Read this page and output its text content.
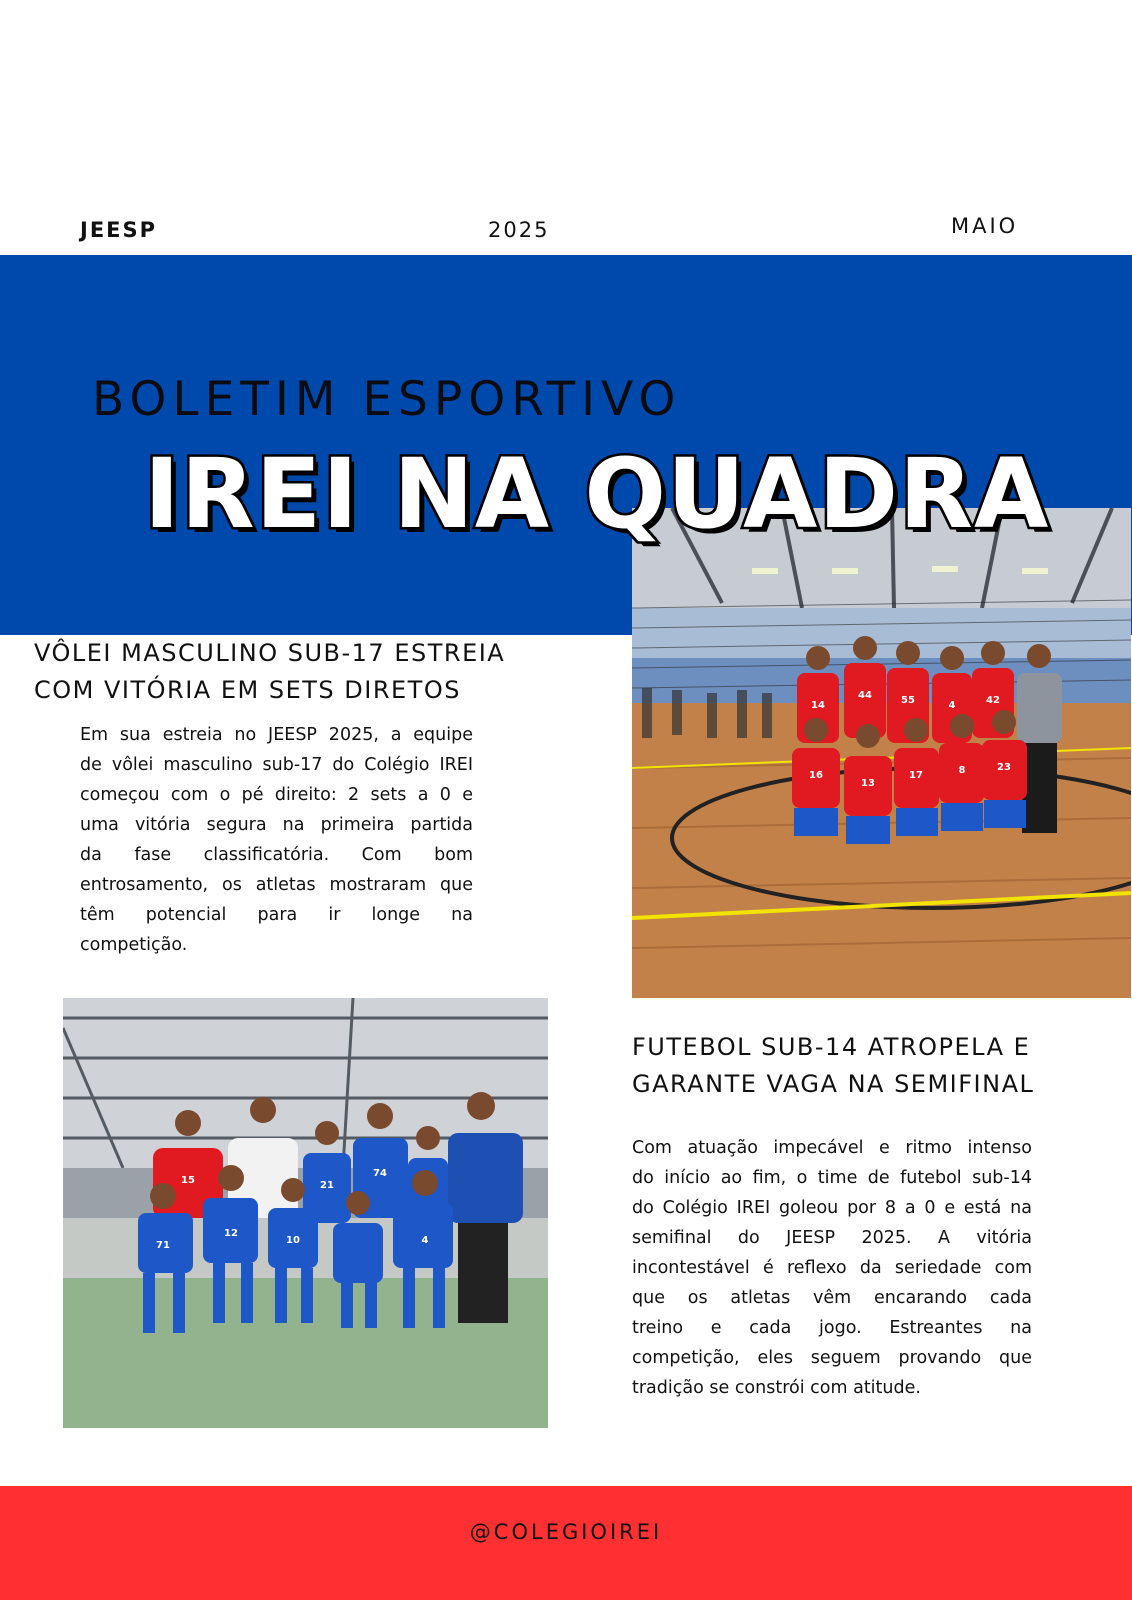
JEESP	2025	MAIO
BOLETIM ESPORTIVO
IREI NA QUADRA
14
44	55	4	42
16
13
17	8	23
VÔLEI MASCULINO SUB-17 ESTREIA
COM VITÓRIA EM SETS DIRETOS
Em sua estreia no JEESP 2025, a equipe
de vôlei masculino sub-17 do Colégio IREI
começou com o pé direito: 2 sets a 0 e
uma vitória segura na primeira partida
da fase classificatória. Com bom
entrosamento, os atletas mostraram que
têm potencial para ir longe na
competição.
15	21
74
71
12
10	4
FUTEBOL SUB-14 ATROPELA E
GARANTE VAGA NA SEMIFINAL
Com atuação impecável e ritmo intenso
do início ao fim, o time de futebol sub-14
do Colégio IREI goleou por 8 a 0 e está na
semifinal do JEESP 2025. A vitória
incontestável é reflexo da seriedade com
que os atletas vêm encarando cada
treino e cada jogo. Estreantes na
competição, eles seguem provando que
tradição se constrói com atitude.
@COLEGIOIREI
